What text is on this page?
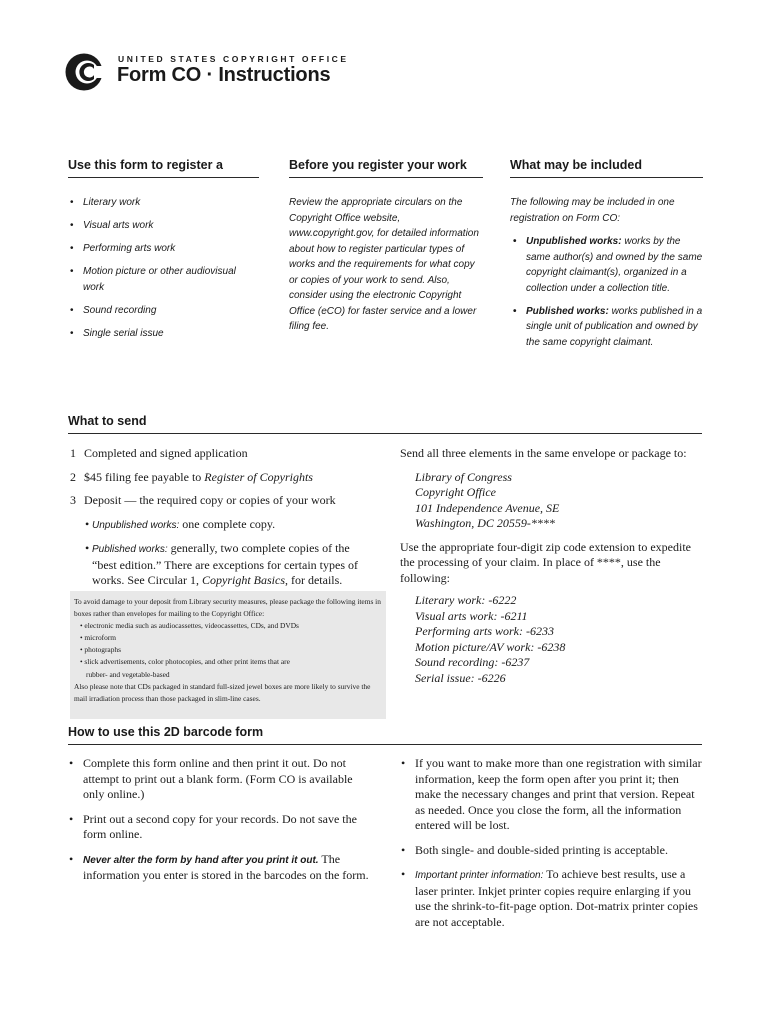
UNITED STATES COPYRIGHT OFFICE
Form CO · Instructions
Use this form to register a
• Literary work
• Visual arts work
• Performing arts work
• Motion picture or other audiovisual work
• Sound recording
• Single serial issue
Before you register your work

Review the appropriate circulars on the Copyright Office website, www.copyright.gov, for detailed information about how to register particular types of works and the requirements for what copy or copies of your work to send. Also, consider using the electronic Copyright Office (eCO) for faster service and a lower filing fee.

What may be included

The following may be included in one registration on Form CO:

• Unpublished works: works by the same author(s) and owned by the same copyright claimant(s), organized in a collection under a collection title.
• Published works: works published in a single unit of publication and owned by the same copyright claimant.
What to send
1 Completed and signed application
2 $45 filing fee payable to Register of Copyrights
3 Deposit — the required copy or copies of your work
• Unpublished works: one complete copy.
• Published works: generally, two complete copies of the “best edition.” There are exceptions for certain types of works. See Circular 1, Copyright Basics, for details.
To avoid damage to your deposit from Library security measures, please package the following items in boxes rather than envelopes for mailing to the Copyright Office:
• electronic media such as audiocassettes, videocassettes, CDs, and DVDs
• microform
• photographs
• slick advertisements, color photocopies, and other print items that are
rubber- and vegetable-based
Also please note that CDs packaged in standard full-sized jewel boxes are more likely to survive the mail irradiation process than those packaged in slim-line cases.
Send all three elements in the same envelope or package to:
Library of Congress
Copyright Office
101 Independence Avenue, SE
Washington, DC 20559-****
Use the appropriate four-digit zip code extension to expedite the processing of your claim. In place of ****, use the following:
Literary work: -6222
Visual arts work: -6211
Performing arts work: -6233
Motion picture/AV work: -6238
Sound recording: -6237
Serial issue: -6226
How to use this 2D barcode form
• Complete this form online and then print it out. Do not attempt to print out a blank form. (Form CO is available only online.)
• Print out a second copy for your records. Do not save the form online.
• Never alter the form by hand after you print it out. The information you enter is stored in the barcodes on the form.
• If you want to make more than one registration with similar information, keep the form open after you print it; then make the necessary changes and print that version. Repeat as needed. Once you close the form, all the information entered will be lost.
• Both single- and double-sided printing is acceptable.
• Important printer information: To achieve best results, use a laser printer. Inkjet printer copies require enlarging if you use the shrink-to-fit-page option. Dot-matrix printer copies are not acceptable.
